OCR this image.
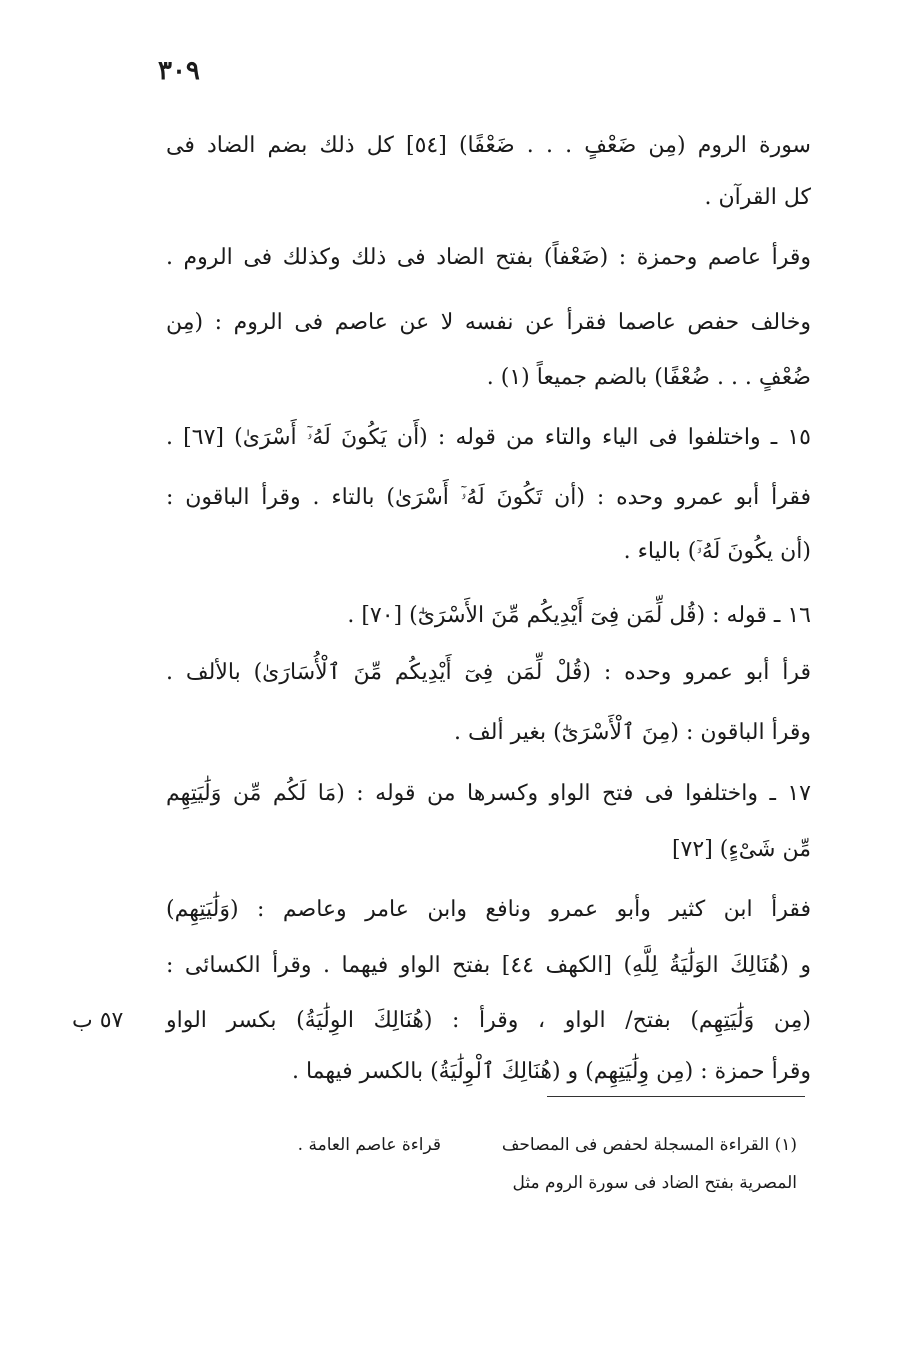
٣٠٩
سورة الروم (مِن ضَعْفٍ . . . ضَعْفًا) [٥٤] كل ذلك بضم الضاد فى
كل القرآن .
وقرأ عاصم وحمزة : (ضَعْفاً) بفتح الضاد فى ذلك وكذلك فى الروم .
وخالف حفص عاصما فقرأ عن نفسه لا عن عاصم فى الروم : (مِن
ضُعْفٍ . . . ضُعْفًا) بالضم جميعاً (١) .
١٥ ـ واختلفوا فى الياء والتاء من قوله : (أَن يَكُونَ لَهُۥٓ أَسْرَىٰ) [٦٧] .
فقرأ أبو عمرو وحده : (أن تَكُونَ لَهُۥٓ أَسْرَىٰ) بالتاء . وقرأ الباقون :
(أن يكُونَ لَهُۥٓ) بالياء .
١٦ ـ قوله : (قُل لِّمَن فِىٓ أَيْدِيكُم مِّنَ الأَسْرَىٰٓ) [٧٠] .
قرأ أبو عمرو وحده : (قُلْ لِّمَن فِىٓ أَيْدِيكُم مِّنَ ٱلْأُسَارَىٰ) بالألف .
وقرأ الباقون : (مِنَ ٱلْأَسْرَىٰٓ) بغير ألف .
١٧ ـ واختلفوا فى فتح الواو وكسرها من قوله : (مَا لَكُم مِّن وَلَٰيَتِهِم
مِّن شَىْءٍ) [٧٢]
فقرأ ابن كثير وأبو عمرو ونافع وابن عامر وعاصم : (وَلَٰيَتِهِم)
و (هُنَالِكَ الوَلَٰيَةُ لِلَّهِ) [الكهف ٤٤] بفتح الواو فيهما . وقرأ الكسائى :
(مِن وَلَٰيَتِهِم) بفتح/ الواو ، وقرأ : (هُنَالِكَ الوِلَٰيَةُ) بكسر الواو
وقرأ حمزة : (مِن وِلَٰيَتِهِم) و (هُنَالِكَ ٱلْوِلَٰيَةُ) بالكسر فيهما .
٥٧ ب
(١) القراءة المسجلة لحفص فى المصاحف
قراءة عاصم العامة .
المصرية بفتح الضاد فى سورة الروم مثل
